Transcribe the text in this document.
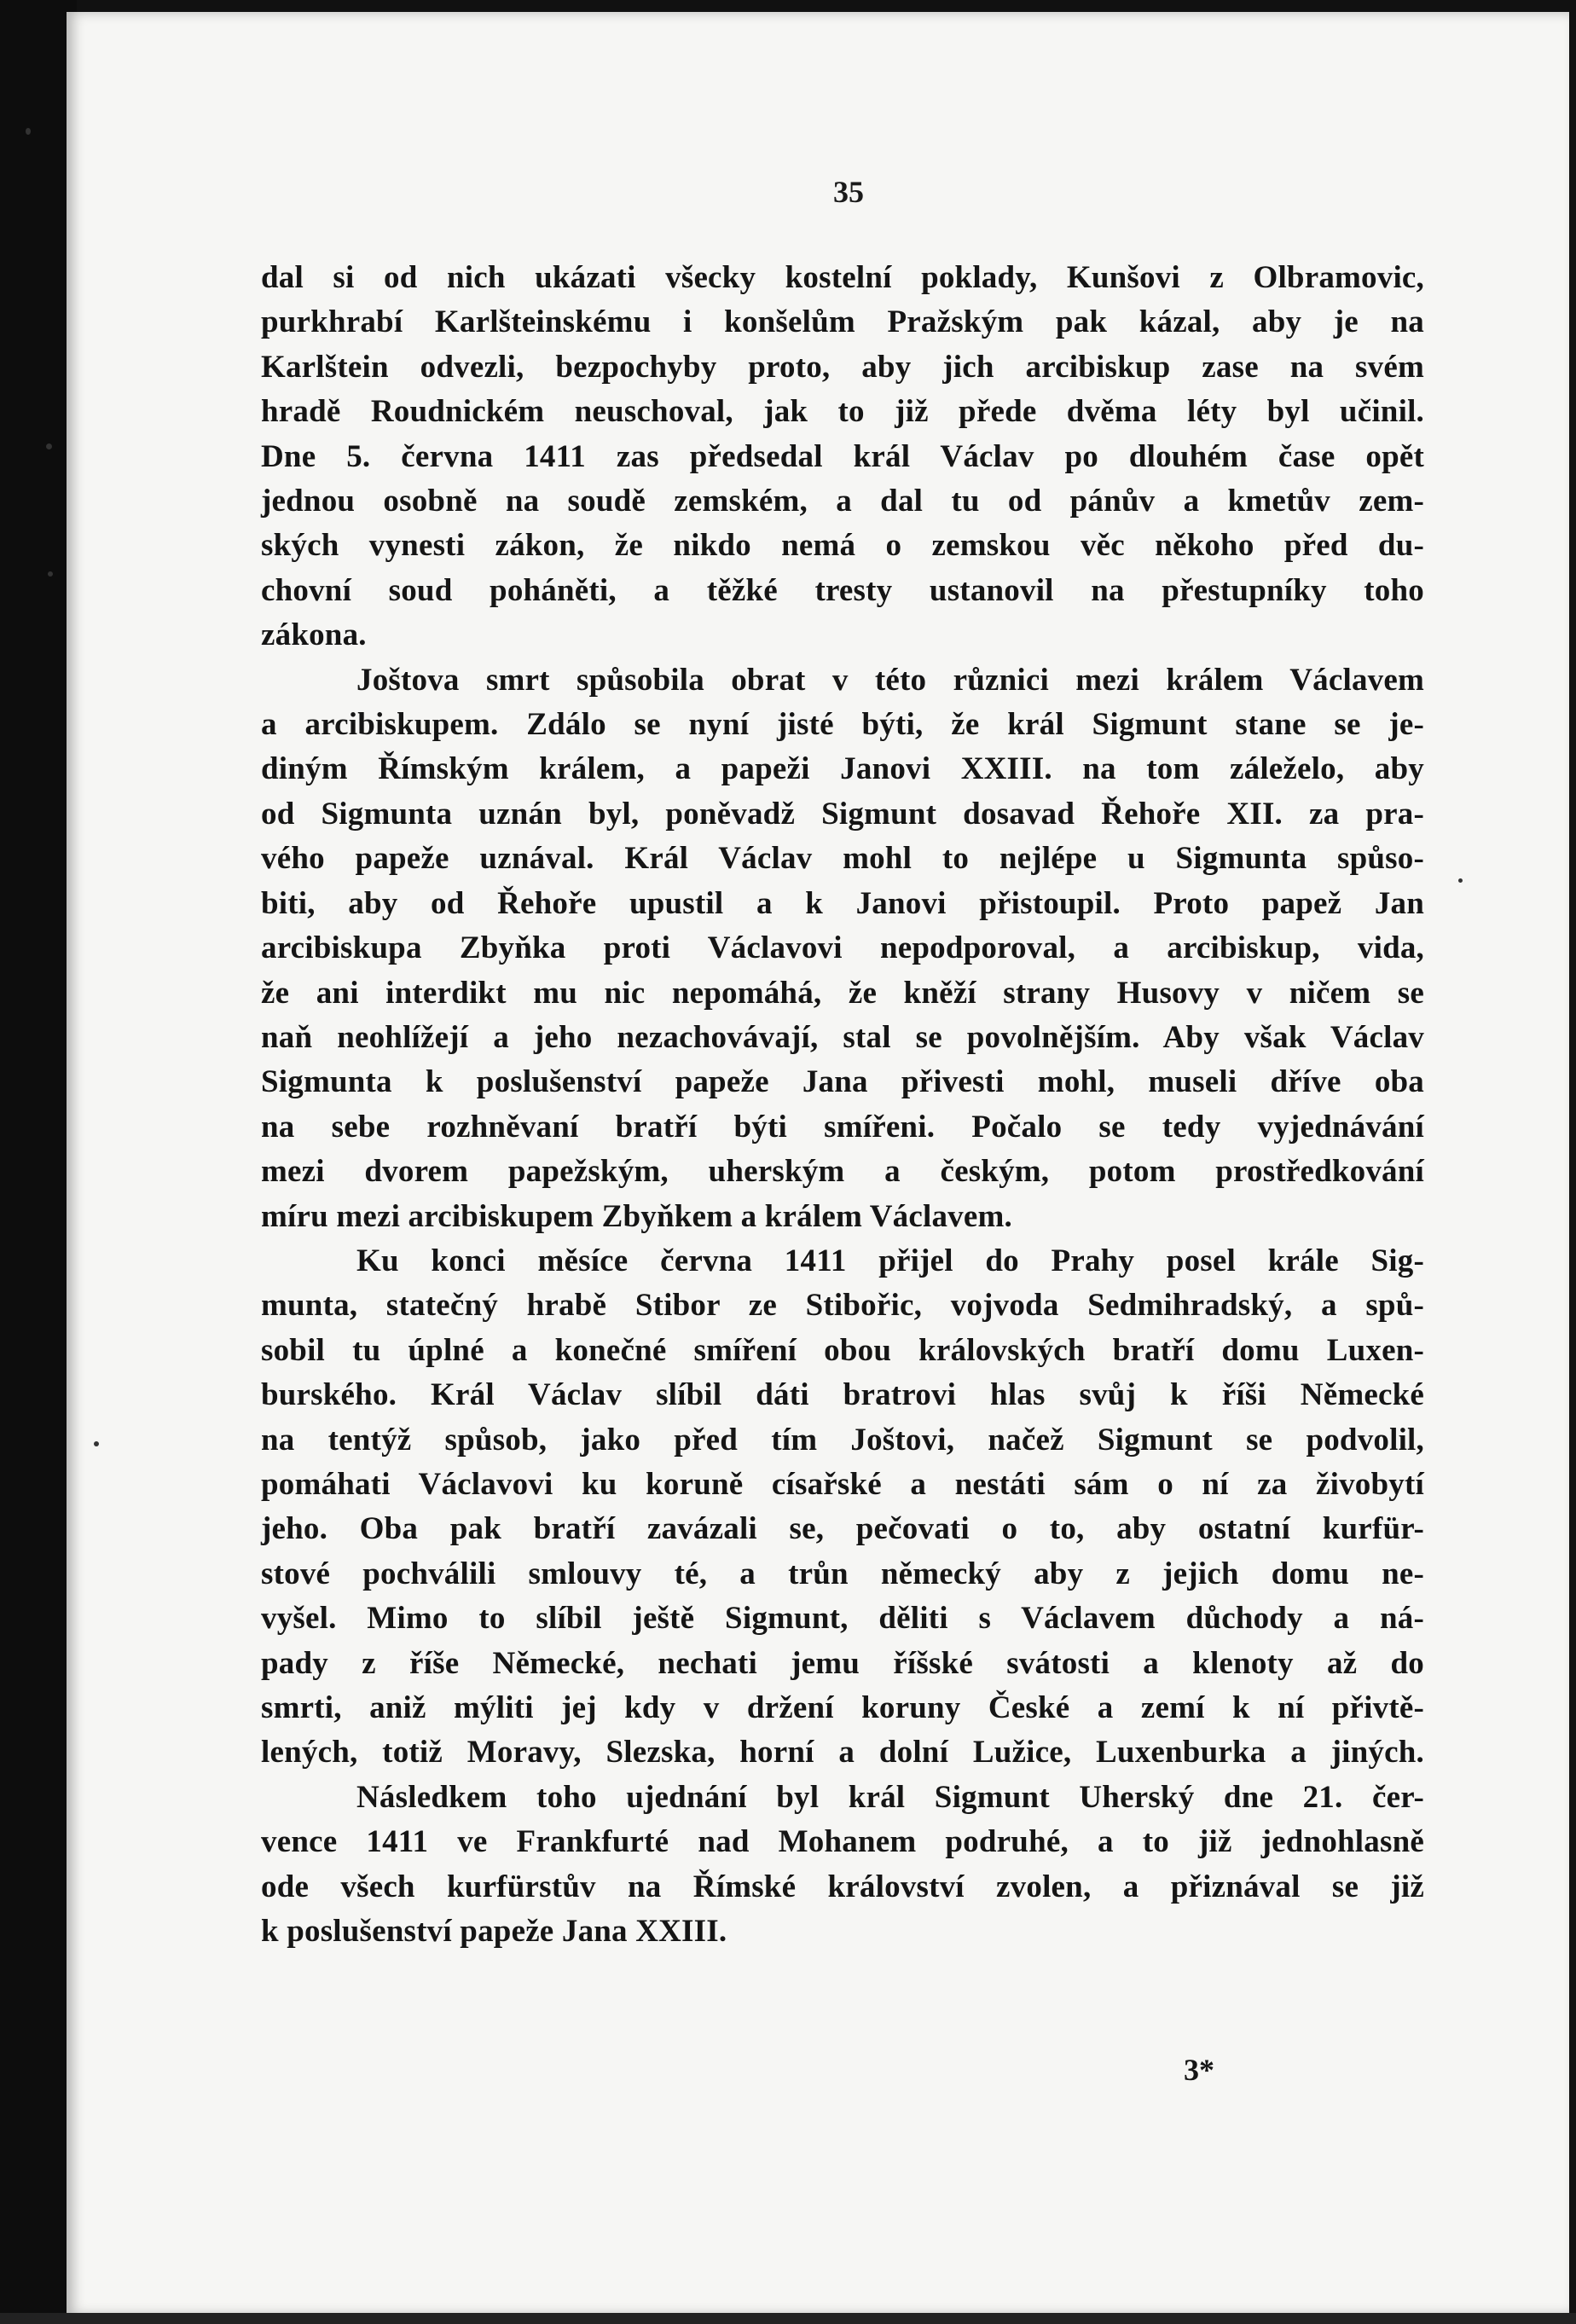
35

dal si od nich ukázati všecky kostelní poklady, Kunšovi z Olbramovic,
purkhrabí Karlšteinskému i konšelům Pražským pak kázal, aby je na
Karlštein odvezli, bezpochyby proto, aby jich arcibiskup zase na svém
hradě Roudnickém neuschoval, jak to již přede dvěma léty byl učinil.
Dne 5. června 1411 zas předsedal král Václav po dlouhém čase opět
jednou osobně na soudě zemském, a dal tu od pánův a kmetův zem-
ských vynesti zákon, že nikdo nemá o zemskou věc někoho před du-
chovní soud poháněti, a těžké tresty ustanovil na přestupníky toho
zákona.

Joštova smrt spůsobila obrat v této různici mezi králem Václavem
a arcibiskupem. Zdálo se nyní jisté býti, že král Sigmunt stane se je-
diným Římským králem, a papeži Janovi XXIII. na tom záleželo, aby
od Sigmunta uznán byl, poněvadž Sigmunt dosavad Řehoře XII. za pra-
vého papeže uznával. Král Václav mohl to nejlépe u Sigmunta spůso-
biti, aby od Řehoře upustil a k Janovi přistoupil. Proto papež Jan
arcibiskupa Zbyňka proti Václavovi nepodporoval, a arcibiskup, vida,
že ani interdikt mu nic nepomáhá, že kněží strany Husovy v ničem se
naň neohlížejí a jeho nezachovávají, stal se povolnějším. Aby však Václav
Sigmunta k poslušenství papeže Jana přivesti mohl, museli dříve oba
na sebe rozhněvaní bratří býti smířeni. Počalo se tedy vyjednávání
mezi dvorem papežským, uherským a českým, potom prostředkování
míru mezi arcibiskupem Zbyňkem a králem Václavem.

Ku konci měsíce června 1411 přijel do Prahy posel krále Sig-
munta, statečný hrabě Stibor ze Stibořic, vojvoda Sedmihradský, a spů-
sobil tu úplné a konečné smíření obou královských bratří domu Luxen-
burského. Král Václav slíbil dáti bratrovi hlas svůj k říši Německé
na tentýž spůsob, jako před tím Joštovi, načež Sigmunt se podvolil,
pomáhati Václavovi ku koruně císařské a nestáti sám o ní za živobytí
jeho. Oba pak bratří zavázali se, pečovati o to, aby ostatní kurfür-
stové pochválili smlouvy té, a trůn německý aby z jejich domu ne-
vyšel. Mimo to slíbil ještě Sigmunt, děliti s Václavem důchody a ná-
pady z říše Německé, nechati jemu říšské svátosti a klenoty až do
smrti, aniž mýliti jej kdy v držení koruny České a zemí k ní přivtě-
lených, totiž Moravy, Slezska, horní a dolní Lužice, Luxenburka a jiných.

Následkem toho ujednání byl král Sigmunt Uherský dne 21. čer-
vence 1411 ve Frankfurté nad Mohanem podruhé, a to již jednohlasně
ode všech kurfürstův na Římské království zvolen, a přiznával se již
k poslušenství papeže Jana XXIII.

3*
